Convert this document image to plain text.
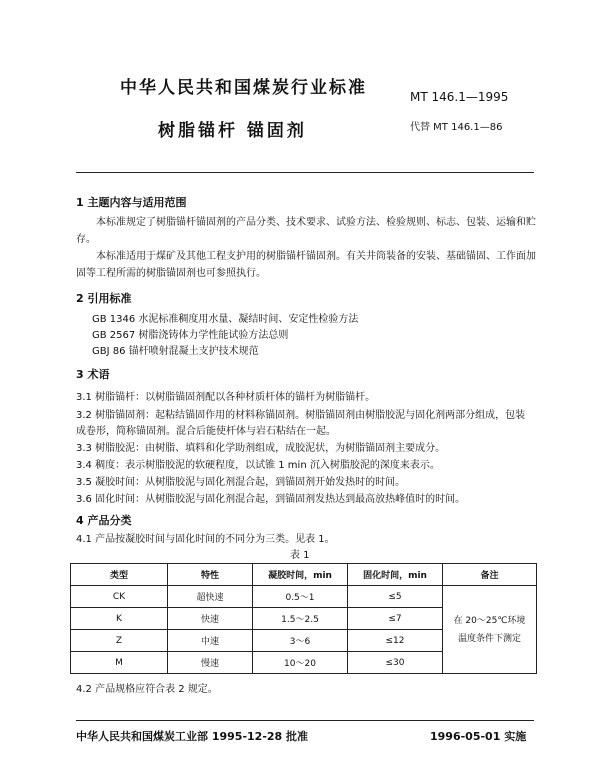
中华人民共和国煤炭行业标准	MT 146.1—1995
树脂锚杆 锚固剂	代替 MT 146.1—86
1 主题内容与适用范围
本标准规定了树脂锚杆锚固剂的产品分类、技术要求、试验方法、检验规则、标志、包装、运输和贮存。
本标准适用于煤矿及其他工程支护用的树脂锚杆锚固剂。有关井筒装备的安装、基础锚固、工作面加固等工程所需的树脂锚固剂也可参照执行。
2 引用标准
GB 1346 水泥标准稠度用水量、凝结时间、安定性检验方法
GB 2567 树脂浇铸体力学性能试验方法总则
GBJ 86 锚杆喷射混凝土支护技术规范
3 术语
3.1 树脂锚杆：以树脂锚固剂配以各种材质杆体的锚杆为树脂锚杆。
3.2 树脂锚固剂：起粘结锚固作用的材料称锚固剂。树脂锚固剂由树脂胶泥与固化剂两部分组成，包装
成卷形，简称锚固剂。混合后能使杆体与岩石粘结在一起。
3.3 树脂胶泥：由树脂、填料和化学助剂组成，成胶泥状，为树脂锚固剂主要成分。
3.4 稠度：表示树脂胶泥的软硬程度，以试锥 1 min 沉入树脂胶泥的深度来表示。
3.5 凝胶时间：从树脂胶泥与固化剂混合起，到锚固剂开始发热时的时间。
3.6 固化时间：从树脂胶泥与固化剂混合起，到锚固剂发热达到最高放热峰值时的时间。
4 产品分类
4.1 产品按凝胶时间与固化时间的不同分为三类。见表 1。
表 1
类型	特性	凝胶时间，min	固化时间，min	备注
CK	超快速	0.5～1	≤5	在 20～25℃环境
温度条件下测定

K	快速	1.5～2.5	≤7	
Z	中速	3～6	≤12	
M	慢速	10～20	≤30	
4.2 产品规格应符合表 2 规定。
中华人民共和国煤炭工业部 1995-12-28 批准	1996-05-01 实施
